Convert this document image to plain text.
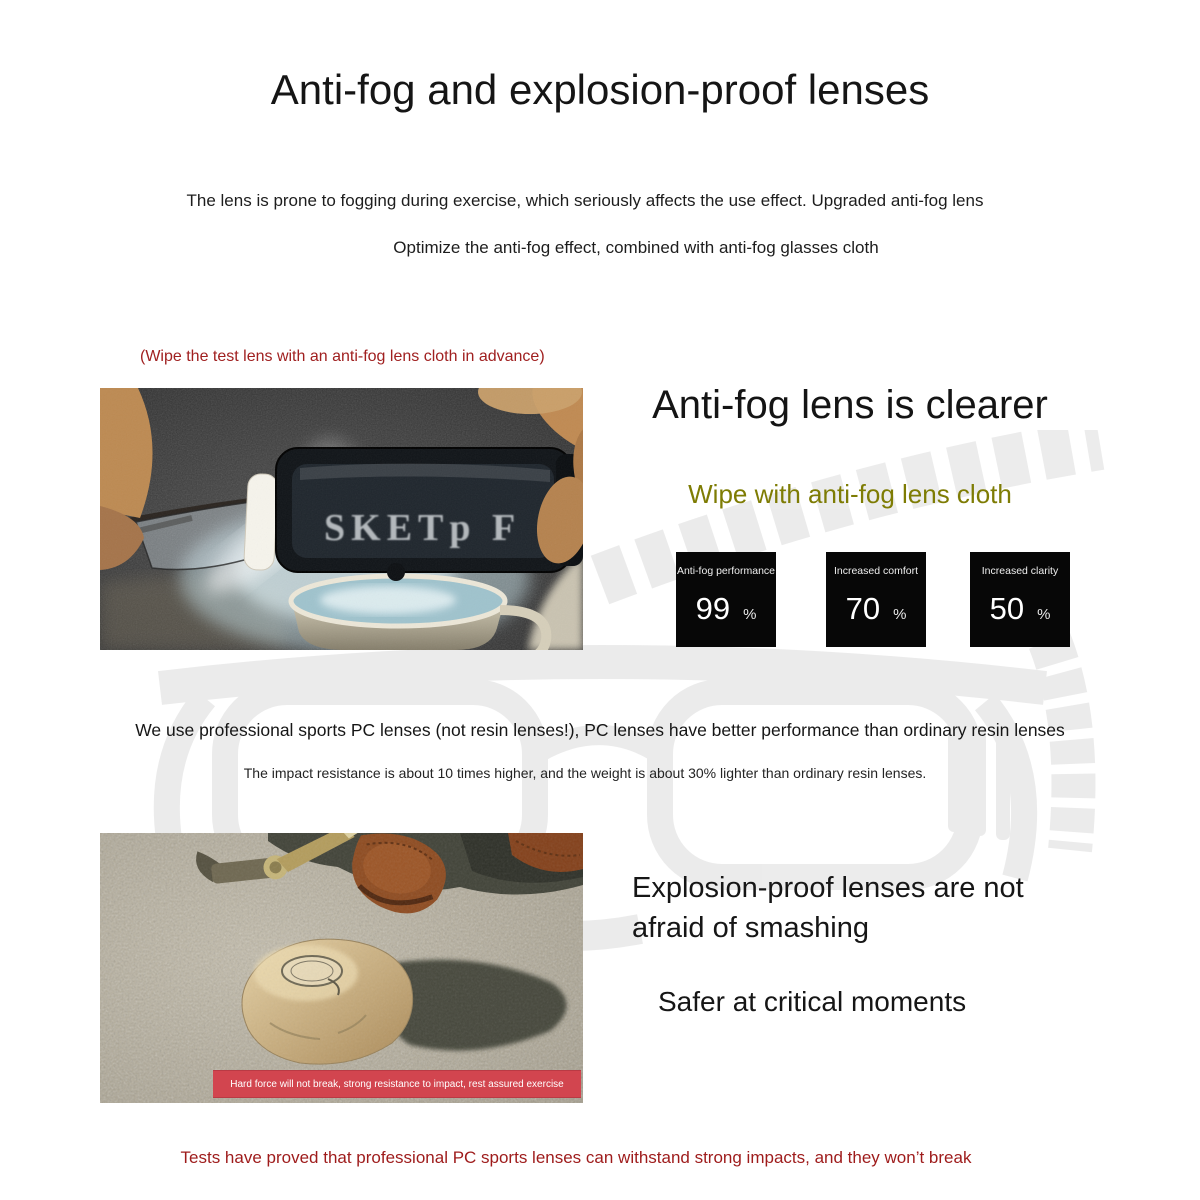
Anti-fog and explosion-proof lenses
The lens is prone to fogging during exercise, which seriously affects the use effect. Upgraded anti-fog lens
Optimize the anti-fog effect, combined with anti-fog glasses cloth
(Wipe the test lens with an anti-fog lens cloth in advance)
SKETp F
Anti-fog lens is clearer
Wipe with anti-fog lens cloth
Anti-fog performance
99 %
Increased comfort
70 %
Increased clarity
50 %
We use professional sports PC lenses (not resin lenses!), PC lenses have better performance than ordinary resin lenses
The impact resistance is about 10 times higher, and the weight is about 30% lighter than ordinary resin lenses.
Hard force will not break, strong resistance to impact, rest assured exercise
Explosion-proof lenses are not
afraid of smashing
Safer at critical moments
Tests have proved that professional PC sports lenses can withstand strong impacts, and they won’t break
